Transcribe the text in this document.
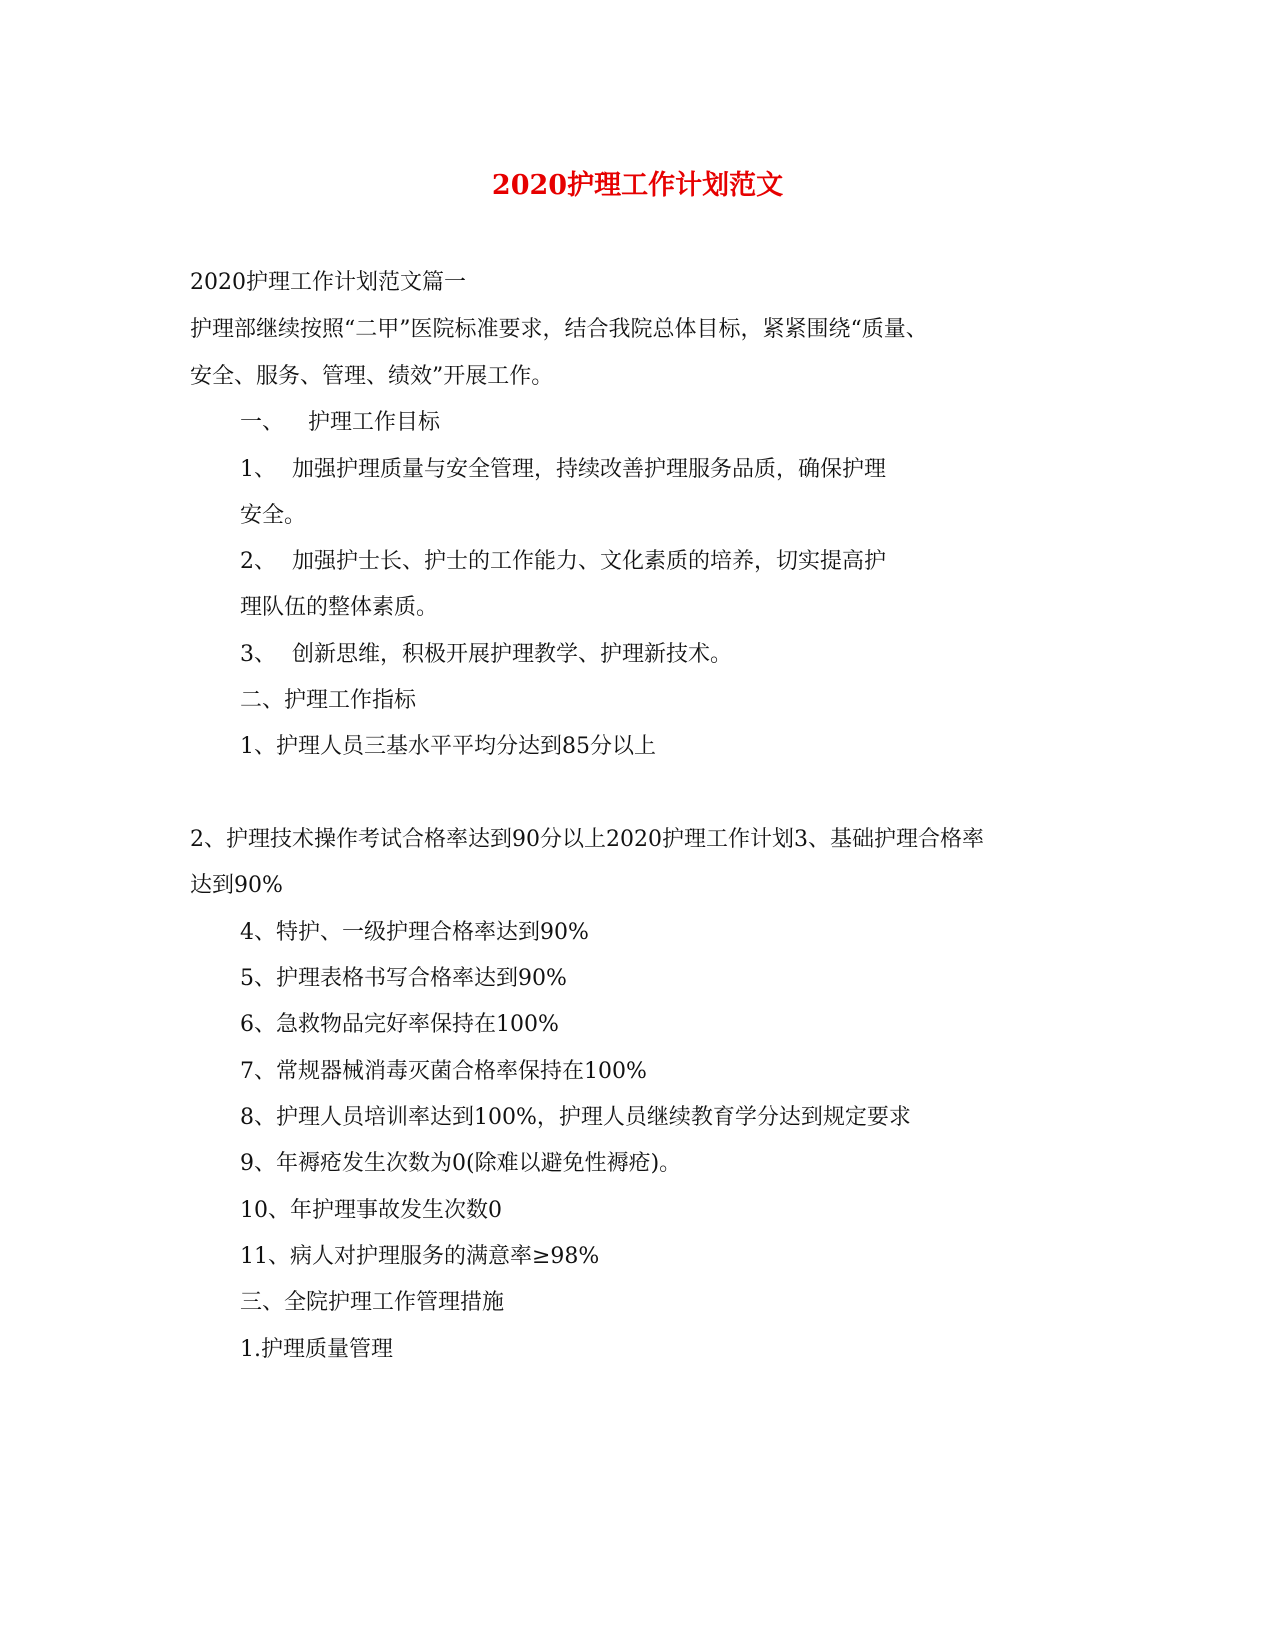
2020护理工作计划范文
2020护理工作计划范文篇一
护理部继续按照“二甲”医院标准要求，结合我院总体目标，紧紧围绕“质量、
安全、服务、管理、绩效”开展工作。
一、 护理工作目标
1、 加强护理质量与安全管理，持续改善护理服务品质，确保护理
安全。
2、 加强护士长、护士的工作能力、文化素质的培养，切实提高护
理队伍的整体素质。
3、 创新思维，积极开展护理教学、护理新技术。
二、护理工作指标
1、护理人员三基水平平均分达到85分以上
2、护理技术操作考试合格率达到90分以上2020护理工作计划3、基础护理合格率
达到90%
4、特护、一级护理合格率达到90%
5、护理表格书写合格率达到90%
6、急救物品完好率保持在100%
7、常规器械消毒灭菌合格率保持在100%
8、护理人员培训率达到100%，护理人员继续教育学分达到规定要求
9、年褥疮发生次数为0(除难以避免性褥疮)。
10、年护理事故发生次数0
11、病人对护理服务的满意率≥98%
三、全院护理工作管理措施
1.护理质量管理
